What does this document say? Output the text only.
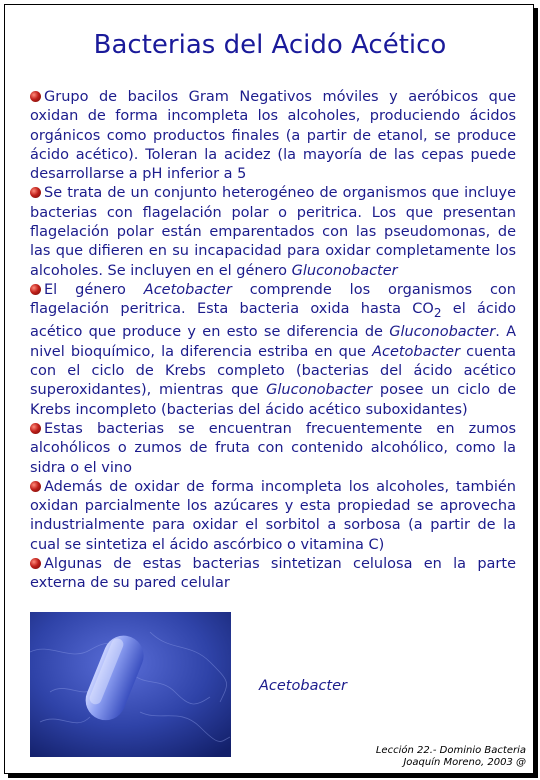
Bacterias del Acido Acético

Grupo de bacilos Gram Negativos móviles y aeróbicos que oxidan de forma incompleta los alcoholes, produciendo ácidos orgánicos como productos finales (a partir de etanol, se produce ácido acético). Toleran la acidez (la mayoría de las cepas puede desarrollarse a pH inferior a 5

Se trata de un conjunto heterogéneo de organismos que incluye bacterias con flagelación polar o peritrica. Los que presentan flagelación polar están emparentados con las pseudomonas, de las que difieren en su incapacidad para oxidar completamente los alcoholes. Se incluyen en el género Gluconobacter

El género Acetobacter comprende los organismos con flagelación peritrica. Esta bacteria oxida hasta $CO_2$ el ácido acético que produce y en esto se diferencia de Gluconobacter. A nivel bioquímico, la diferencia estriba en que Acetobacter cuenta con el ciclo de Krebs completo (bacterias del ácido acético superoxidantes), mientras que Gluconobacter posee un ciclo de Krebs incompleto (bacterias del ácido acético suboxidantes)

Estas bacterias se encuentran frecuentemente en zumos alcohólicos o zumos de fruta con contenido alcohólico, como la sidra o el vino

Además de oxidar de forma incompleta los alcoholes, también oxidan parcialmente los azúcares y esta propiedad se aprovecha industrialmente para oxidar el sorbitol a sorbosa (a partir de la cual se sintetiza el ácido ascórbico o vitamina C)

Algunas de estas bacterias sintetizan celulosa en la parte externa de su pared celular

Acetobacter
Lección 22.- Dominio Bacteria
Joaquín Moreno, 2003 @
